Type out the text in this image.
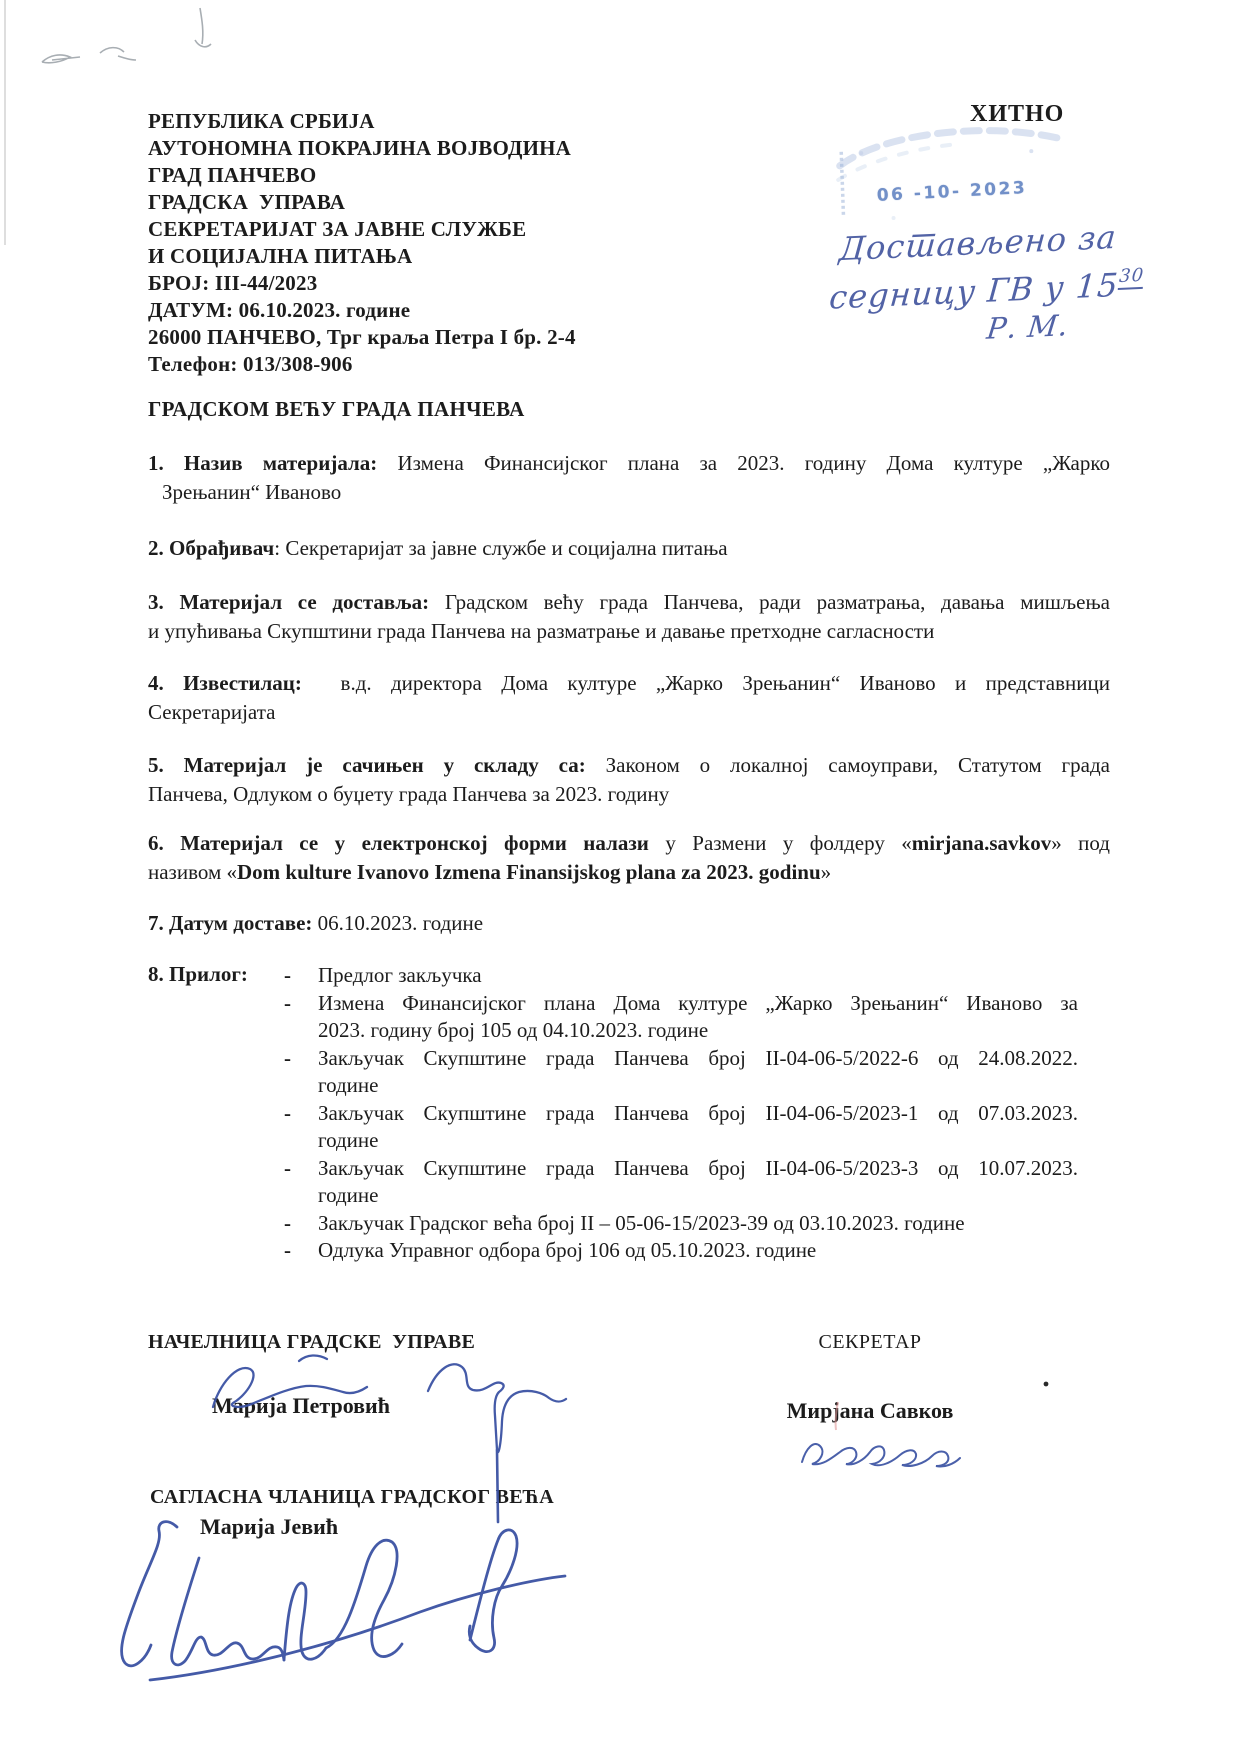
РЕПУБЛИКА СРБИЈА
АУТОНОМНА ПОКРАЈИНА ВОЈВОДИНА
ГРАД ПАНЧЕВО
ГРАДСКА  УПРАВА
СЕКРЕТАРИЈАТ ЗА ЈАВНЕ СЛУЖБЕ
И СОЦИЈАЛНА ПИТАЊА
БРОЈ: III-44/2023
ДАТУМ: 06.10.2023. године
26000 ПАНЧЕВО, Трг краља Петра I бр. 2-4
Телефон: 013/308-906
ХИТНО
06 -10- 2023
Достављено за
седницу ГВ у 15$^{30}$
Р. М.
ГРАДСКОМ ВЕЋУ ГРАДА ПАНЧЕВА
1. Назив материјала: Измена Финансијског плана за 2023. годину Дома културе „Жарко
Зрењанин“ Иваново
2. Обрађивач: Секретаријат за јавне службе и социјална питања
3. Материјал се доставља: Градском већу града Панчева, ради разматрања, давања мишљења
и упућивања Скупштини града Панчева на разматрање и давање претходне сагласности
4. Известилац:  в.д. директора Дома културе „Жарко Зрењанин“ Иваново и представници
Секретаријата
5. Материјал је сачињен у складу са: Законом о локалној самоуправи, Статутом града
Панчева, Одлуком о буџету града Панчева за 2023. годину
6. Материјал се у електронској форми налази у Размени у фолдеру «mirjana.savkov» под
називом «Dom kulture Ivanovo Izmena Finansijskog plana za 2023. godinu»
7. Датум доставе: 06.10.2023. године
8. Прилог: -	Предлог закључка
-	Измена Финансијског плана Дома културе „Жарко Зрењанин“ Иваново за
2023. годину број 105 од 04.10.2023. године
-	Закључак Скупштине града Панчева број II-04-06-5/2022-6 од 24.08.2022.
године
-	Закључак Скупштине града Панчева број II-04-06-5/2023-1 од 07.03.2023.
године
-	Закључак Скупштине града Панчева број II-04-06-5/2023-3 од 10.07.2023.
године
-	Закључак Градског већа број II – 05-06-15/2023-39 од 03.10.2023. године
-	Одлука Управног одбора број 106 од 05.10.2023. године
НАЧЕЛНИЦА ГРАДСКЕ  УПРАВЕ
Марија Петровић
СЕКРЕТАР
Мирјана Савков
САГЛАСНА ЧЛАНИЦА ГРАДСКОГ ВЕЋА
Марија Јевић
